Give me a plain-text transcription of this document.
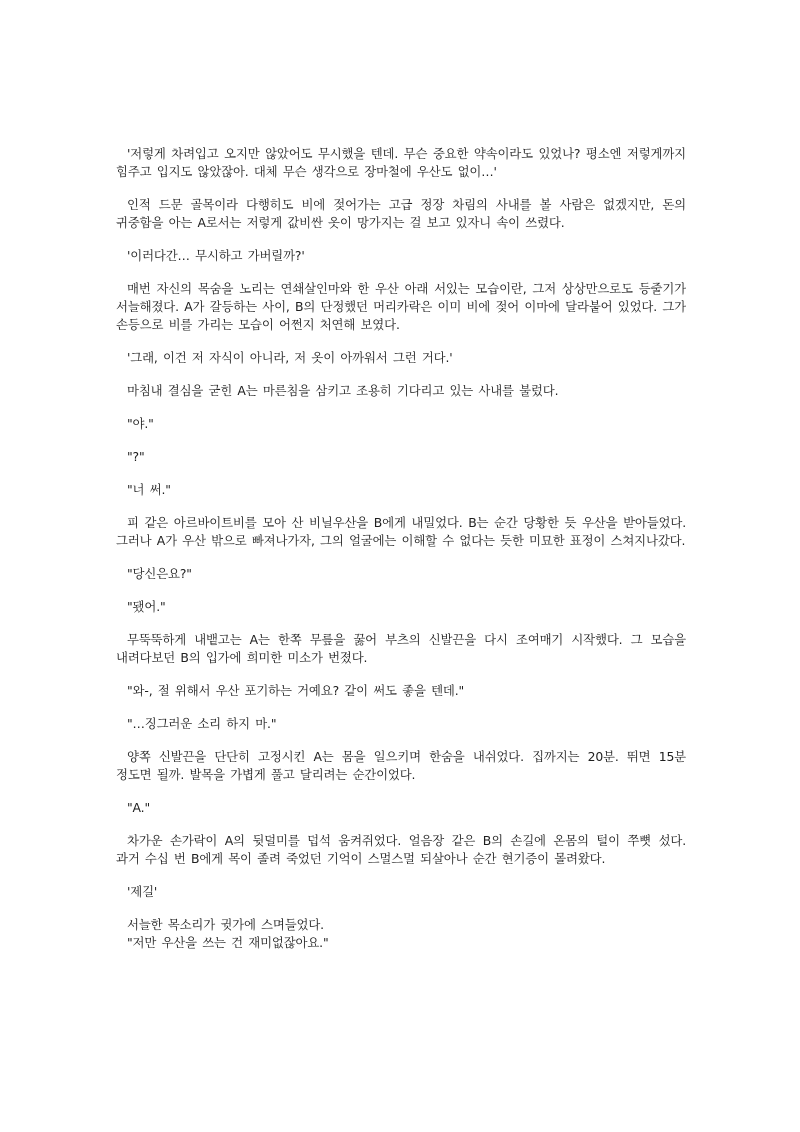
'저렇게 차려입고 오지만 않았어도 무시했을 텐데. 무슨 중요한 약속이라도 있었나? 평소엔 저렇게까지 힘주고 입지도 않았잖아. 대체 무슨 생각으로 장마철에 우산도 없이…'

인적 드문 골목이라 다행히도 비에 젖어가는 고급 정장 차림의 사내를 볼 사람은 없겠지만, 돈의 귀중함을 아는 A로서는 저렇게 값비싼 옷이 망가지는 걸 보고 있자니 속이 쓰렸다.

'이러다간… 무시하고 가버릴까?'

매번 자신의 목숨을 노리는 연쇄살인마와 한 우산 아래 서있는 모습이란, 그저 상상만으로도 등줄기가 서늘해졌다. A가 갈등하는 사이, B의 단정했던 머리카락은 이미 비에 젖어 이마에 달라붙어 있었다. 그가 손등으로 비를 가리는 모습이 어쩐지 처연해 보였다.

'그래, 이건 저 자식이 아니라, 저 옷이 아까워서 그런 거다.'

마침내 결심을 굳힌 A는 마른침을 삼키고 조용히 기다리고 있는 사내를 불렀다.

"야."

"?"

"너 써."

피 같은 아르바이트비를 모아 산 비닐우산을 B에게 내밀었다. B는 순간 당황한 듯 우산을 받아들었다. 그러나 A가 우산 밖으로 빠져나가자, 그의 얼굴에는 이해할 수 없다는 듯한 미묘한 표정이 스쳐지나갔다.

"당신은요?"

"됐어."

무뚝뚝하게 내뱉고는 A는 한쪽 무릎을 꿇어 부츠의 신발끈을 다시 조여매기 시작했다. 그 모습을 내려다보던 B의 입가에 희미한 미소가 번졌다.

"와-, 절 위해서 우산 포기하는 거예요? 같이 써도 좋을 텐데."

"…징그러운 소리 하지 마."

양쪽 신발끈을 단단히 고정시킨 A는 몸을 일으키며 한숨을 내쉬었다. 집까지는 20분. 뛰면 15분 정도면 될까. 발목을 가볍게 풀고 달리려는 순간이었다.

"A."

차가운 손가락이 A의 뒷덜미를 덥석 움켜쥐었다. 얼음장 같은 B의 손길에 온몸의 털이 쭈뼛 섰다. 과거 수십 번 B에게 목이 졸려 죽었던 기억이 스멀스멀 되살아나 순간 현기증이 몰려왔다.

'제길'

서늘한 목소리가 귓가에 스며들었다.

"저만 우산을 쓰는 건 재미없잖아요."
